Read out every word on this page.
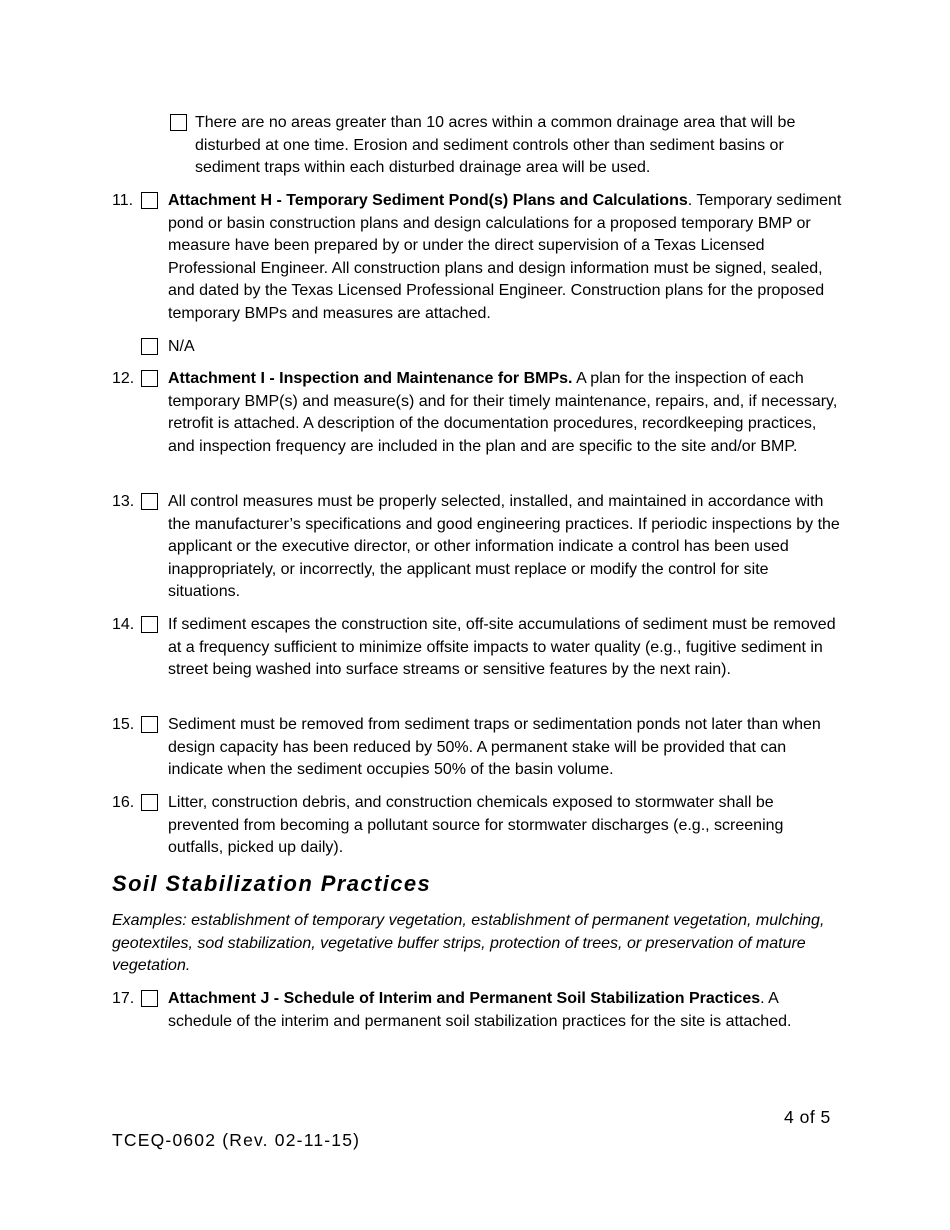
There are no areas greater than 10 acres within a common drainage area that will be disturbed at one time. Erosion and sediment controls other than sediment basins or sediment traps within each disturbed drainage area will be used.
11. Attachment H - Temporary Sediment Pond(s) Plans and Calculations. Temporary sediment pond or basin construction plans and design calculations for a proposed temporary BMP or measure have been prepared by or under the direct supervision of a Texas Licensed Professional Engineer. All construction plans and design information must be signed, sealed, and dated by the Texas Licensed Professional Engineer. Construction plans for the proposed temporary BMPs and measures are attached.
N/A
12. Attachment I - Inspection and Maintenance for BMPs. A plan for the inspection of each temporary BMP(s) and measure(s) and for their timely maintenance, repairs, and, if necessary, retrofit is attached. A description of the documentation procedures, recordkeeping practices, and inspection frequency are included in the plan and are specific to the site and/or BMP.
13. All control measures must be properly selected, installed, and maintained in accordance with the manufacturer’s specifications and good engineering practices. If periodic inspections by the applicant or the executive director, or other information indicate a control has been used inappropriately, or incorrectly, the applicant must replace or modify the control for site situations.
14. If sediment escapes the construction site, off-site accumulations of sediment must be removed at a frequency sufficient to minimize offsite impacts to water quality (e.g., fugitive sediment in street being washed into surface streams or sensitive features by the next rain).
15. Sediment must be removed from sediment traps or sedimentation ponds not later than when design capacity has been reduced by 50%. A permanent stake will be provided that can indicate when the sediment occupies 50% of the basin volume.
16. Litter, construction debris, and construction chemicals exposed to stormwater shall be prevented from becoming a pollutant source for stormwater discharges (e.g., screening outfalls, picked up daily).
Soil Stabilization Practices
Examples: establishment of temporary vegetation, establishment of permanent vegetation, mulching, geotextiles, sod stabilization, vegetative buffer strips, protection of trees, or preservation of mature vegetation.
17. Attachment J - Schedule of Interim and Permanent Soil Stabilization Practices. A schedule of the interim and permanent soil stabilization practices for the site is attached.
4 of 5
TCEQ-0602 (Rev. 02-11-15)
